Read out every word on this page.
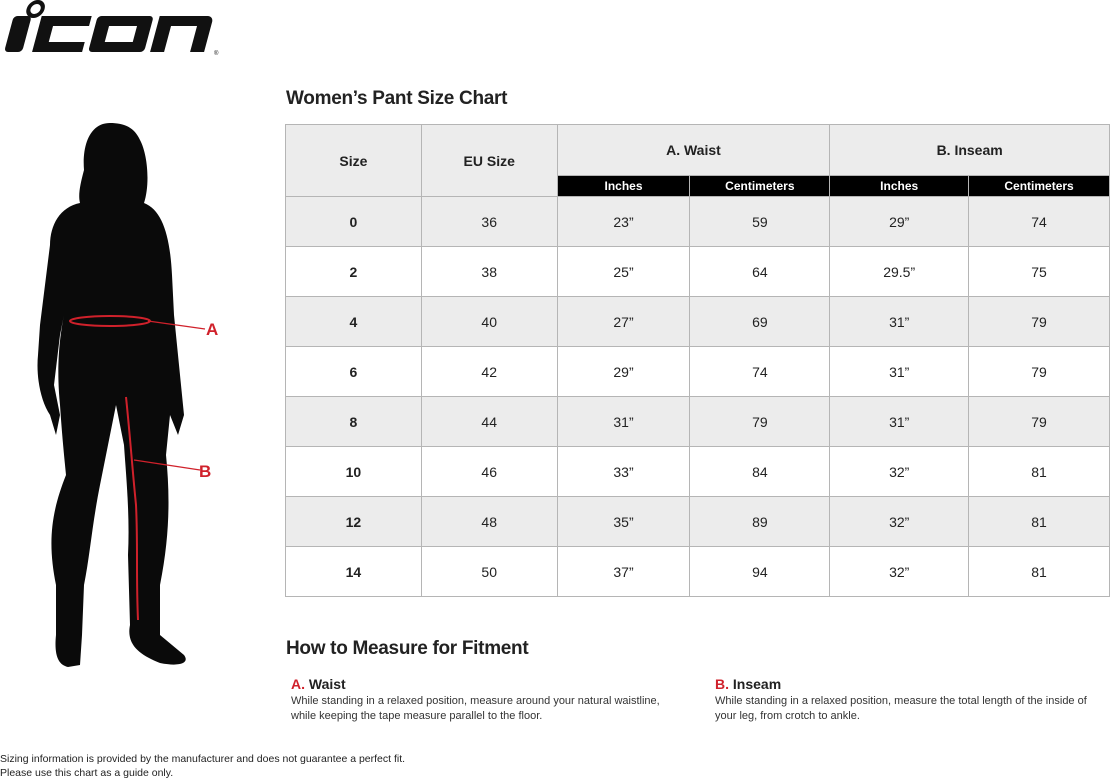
®
A
B
Women’s Pant Size Chart
Size	EU Size	A. Waist		B. Inseam	
		Inches	Centimeters	Inches	Centimeters
0	36	23”	59	29”	74
2	38	25”	64	29.5”	75
4	40	27”	69	31”	79
6	42	29”	74	31”	79
8	44	31”	79	31”	79
10	46	33”	84	32”	81
12	48	35”	89	32”	81
14	50	37”	94	32”	81
How to Measure for Fitment
A. Waist
While standing in a relaxed position, measure around your natural waistline, while keeping the tape measure parallel to the floor.
B. Inseam
While standing in a relaxed position, measure the total length of the inside of your leg, from crotch to ankle.
Sizing information is provided by the manufacturer and does not guarantee a perfect fit.
Please use this chart as a guide only.
